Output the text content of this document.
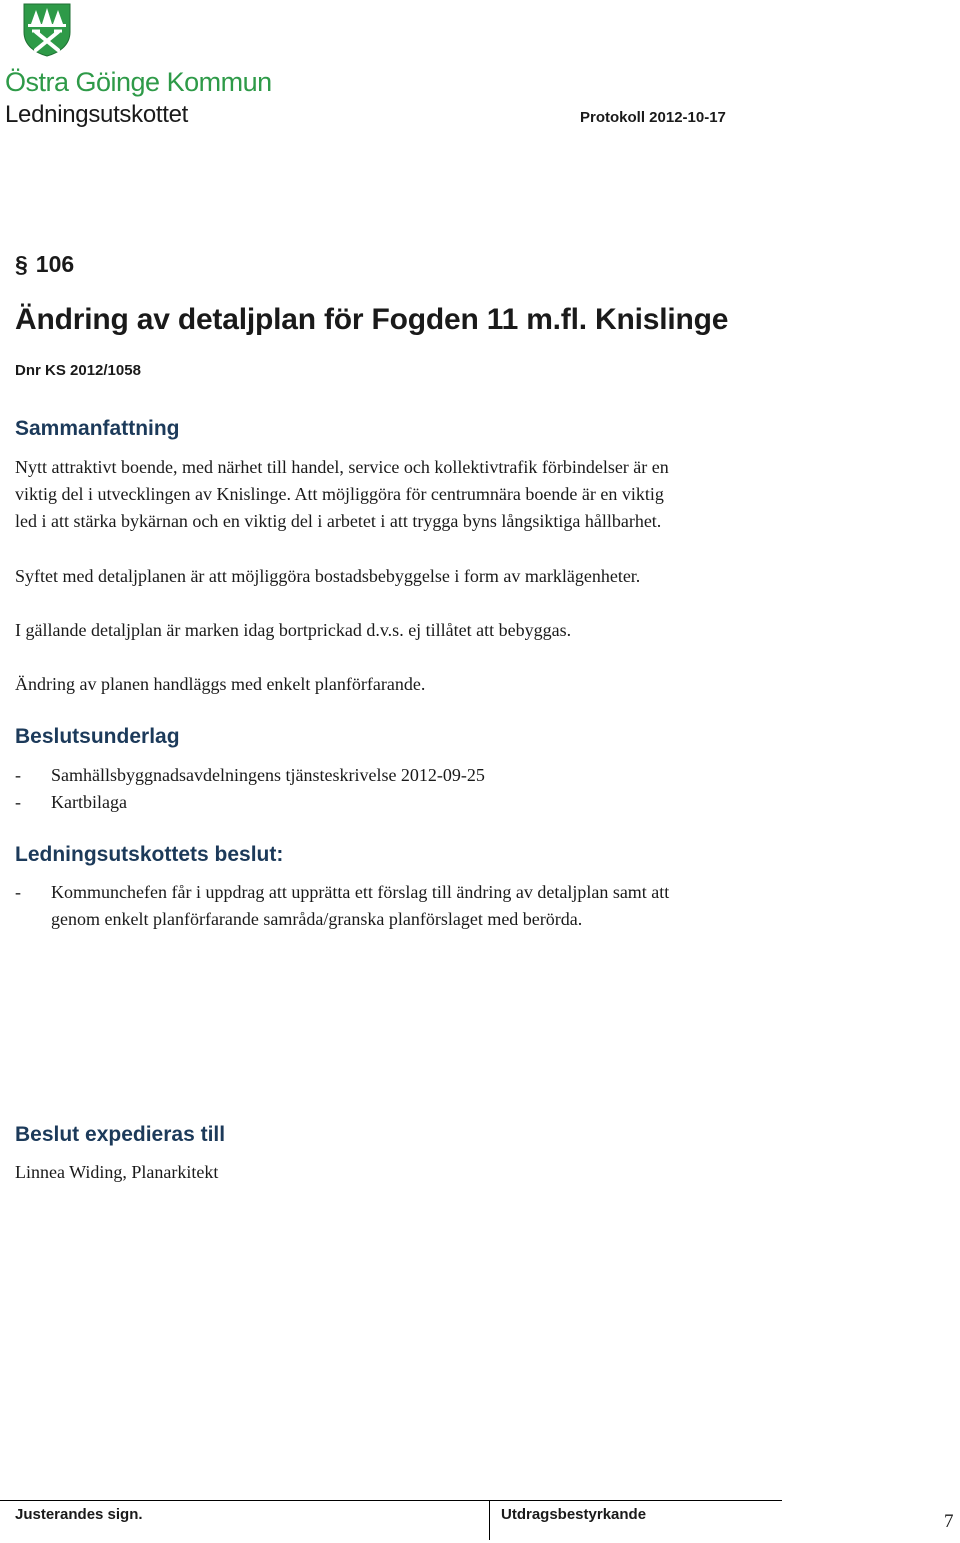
Östra Göinge Kommun
Ledningsutskottet	Protokoll 2012-10-17
§ 106
Ändring av detaljplan för Fogden 11 m.fl. Knislinge
Dnr KS 2012/1058
Sammanfattning
Nytt attraktivt boende, med närhet till handel, service och kollektivtrafik förbindelser är en
viktig del i utvecklingen av Knislinge. Att möjliggöra för centrumnära boende är en viktig
led i att stärka bykärnan och en viktig del i arbetet i att trygga byns långsiktiga hållbarhet.
Syftet med detaljplanen är att möjliggöra bostadsbebyggelse i form av marklägenheter.
I gällande detaljplan är marken idag bortprickad d.v.s. ej tillåtet att bebyggas.
Ändring av planen handläggs med enkelt planförfarande.
Beslutsunderlag
- Samhällsbyggnadsavdelningens tjänsteskrivelse 2012-09-25
- Kartbilaga
Ledningsutskottets beslut:
- Kommunchefen får i uppdrag att upprätta ett förslag till ändring av detaljplan samt att
genom enkelt planförfarande samråda/granska planförslaget med berörda.
Beslut expedieras till
Linnea Widing, Planarkitekt
Justerandes sign.	Utdragsbestyrkande	7
